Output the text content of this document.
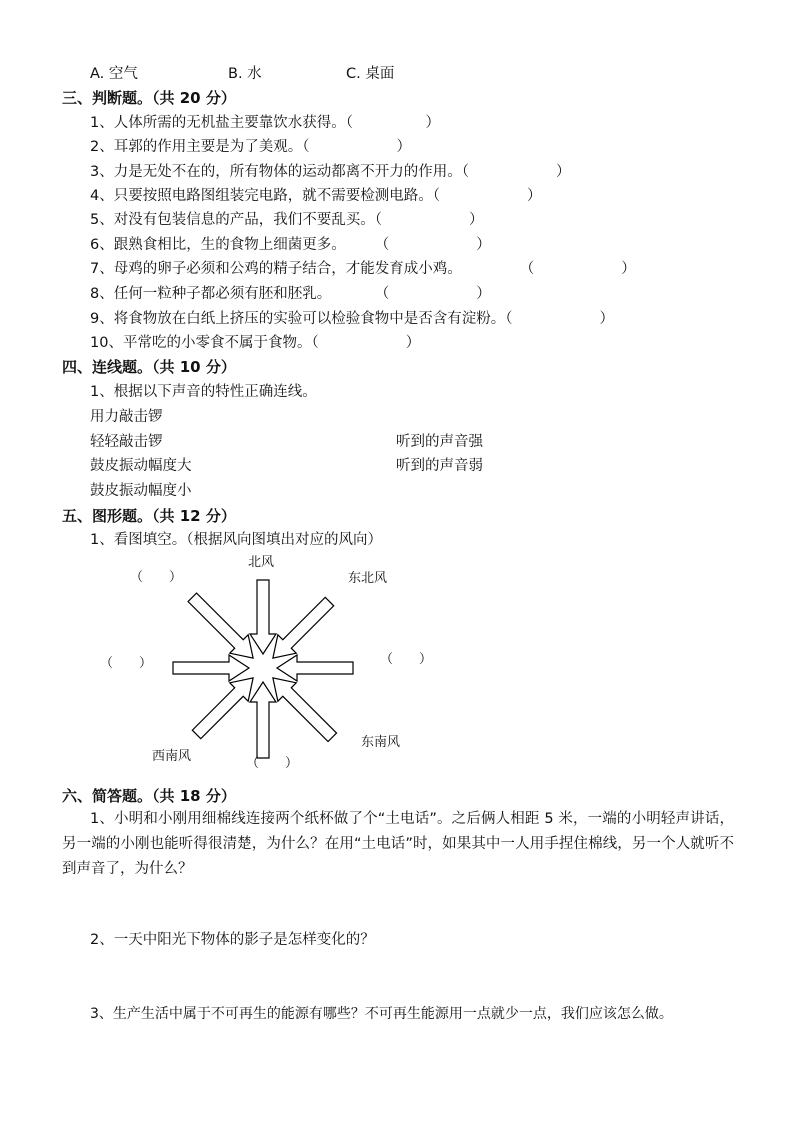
A. 空气	B. 水	C. 桌面
三、判断题。（共 20 分）
1、人体所需的无机盐主要靠饮水获得。（　　　　　）
2、耳郭的作用主要是为了美观。（　　　　　　）
3、力是无处不在的，所有物体的运动都离不开力的作用。（　　　　　　）
4、只要按照电路图组装完电路，就不需要检测电路。（　　　　　　）
5、对没有包装信息的产品，我们不要乱买。（　　　　　　）
6、跟熟食相比，生的食物上细菌更多。　　　（　　　　　　）
7、母鸡的卵子必须和公鸡的精子结合，才能发育成小鸡。　　　　　（　　　　　　）
8、任何一粒种子都必须有胚和胚乳。　　　　（　　　　　　）
9、将食物放在白纸上挤压的实验可以检验食物中是否含有淀粉。（　　　　　　）
10、平常吃的小零食不属于食物。（　　　　　　）
四、连线题。（共 10 分）
1、根据以下声音的特性正确连线。
用力敲击锣
轻轻敲击锣
鼓皮振动幅度大
鼓皮振动幅度小
听到的声音强
听到的声音弱
五、图形题。（共 12 分）
1、看图填空。（根据风向图填出对应的风向）
北风
东北风
西南风
东南风
（　　）
（　　）	（　　）
（　　）
六、简答题。（共 18 分）
1、小明和小刚用细棉线连接两个纸杯做了个“土电话”。之后俩人相距 5 米，一端的小明轻声讲话，另一端的小刚也能听得很清楚，为什么？在用“土电话”时，如果其中一人用手捏住棉线，另一个人就听不到声音了，为什么？
2、一天中阳光下物体的影子是怎样变化的？
3、生产生活中属于不可再生的能源有哪些？不可再生能源用一点就少一点，我们应该怎么做。
